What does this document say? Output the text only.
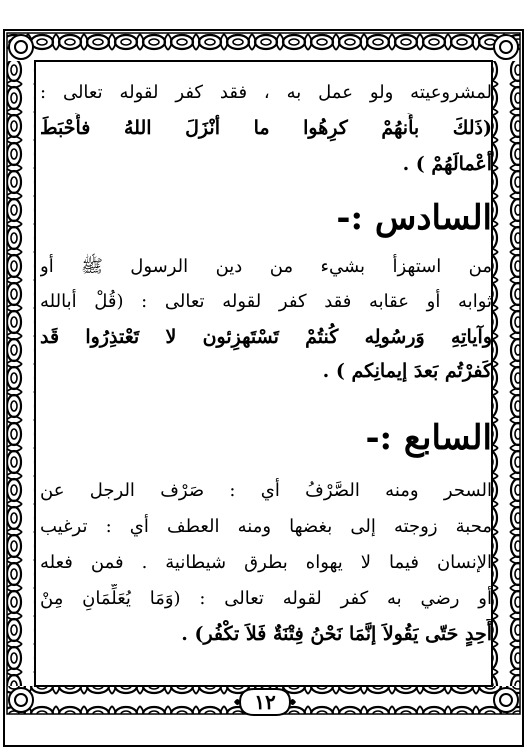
لمشروعيته ولو عمل به ، فقد كفر لقوله تعالى :
(ذَلكَ بأَنهُمْ كرِهُوا ما أنْزَلَ اللهُ فأَحْبَطَ
أعْمالَهُمْ ) .
السادس :-
من استهزأ بشيء من دين الرسول ﷺ أو
ثوابه أو عقابه فقد كفر لقوله تعالى : (قُلْ أبالله
وآياتِهِ وَرسُولِه كُنتُمْ تَسْتَهزِئون لا تَعْتذِرُوا قَد
كَفرْتُم بَعدَ إيمانِكم ) .
السابع :-
السحر ومنه الصَّرْفُ أي : صَرْف الرجل عن
محبة زوجته إلى بغضها ومنه العطف أي : ترغيب
الإنسان فيما لا يهواه بطرق شيطانية . فمن فعله
أو رضي به كفر لقوله تعالى : (وَمَا يُعَلِّمَانِ مِنْ
أَحِدٍ حَتّى يَقُولاَ إنَّمَا نَحْنُ فِتْنَةٌ فَلاَ تكْفُر) .
١٢
